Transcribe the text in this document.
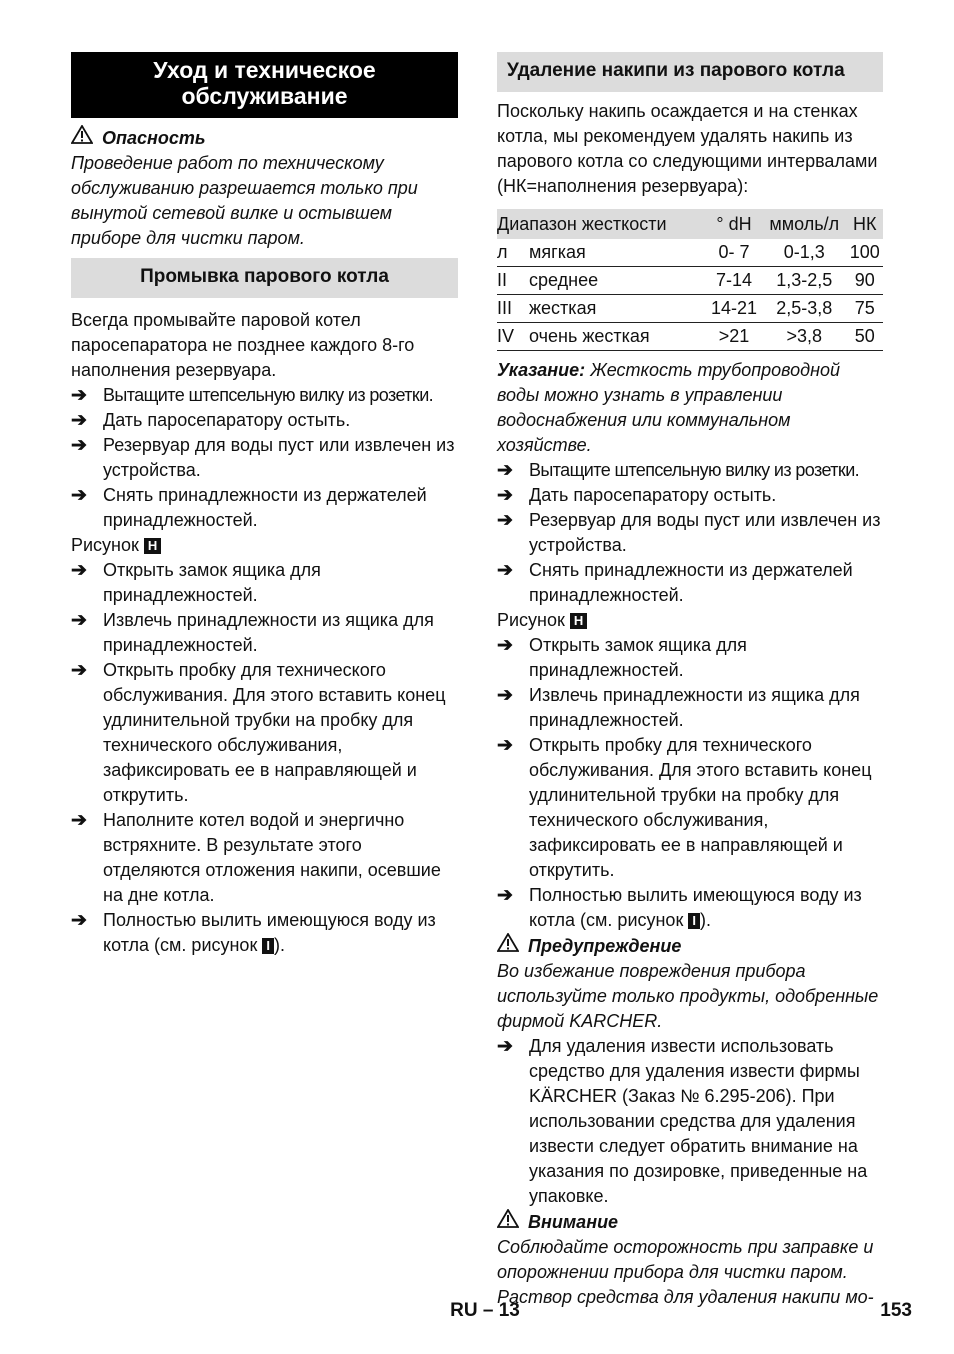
Уход и техническое обслуживание
Опасность

Проведение работ по техническому обслуживанию разрешается только при вынутой сетевой вилке и остывшем приборе для чистки паром.

Промывка парового котла

Всегда промывайте паровой котел паросепаратора не позднее каждого 8-го наполнения резервуара.

➔ Вытащите штепсельную вилку из розетки.
➔ Дать паросепаратору остыть.
➔ Резервуар для воды пуст или извлечен из устройства.
➔ Снять принадлежности из держателей принадлежностей.

Рисунок H

➔ Открыть замок ящика для принадлежностей.
➔ Извлечь принадлежности из ящика для принадлежностей.
➔ Открыть пробку для технического обслуживания. Для этого вставить конец удлинительной трубки на пробку для технического обслуживания, зафиксировать ее в направляющей и открутить.
➔ Наполните котел водой и энергично встряхните. В результате этого отделяются отложения накипи, осевшие на дне котла.
➔ Полностью вылить имеющуюся воду из котла (см. рисунок I ).
Удаление накипи из парового котла

Поскольку накипь осаждается и на стенках котла, мы рекомендуем удалять накипь из парового котла со следующими интервалами (НК=наполнения резервуара):

Диапазон жесткости		° dH	ммоль/л	НК
л	мягкая	0- 7	0-1,3	100
II	среднее	7-14	1,3-2,5	90
III	жесткая	14-21	2,5-3,8	75
IV	очень жесткая	>21	>3,8	50

Указание: Жесткость трубопроводной воды можно узнать в управлении водоснабжения или коммунальном хозяйстве.

➔ Вытащите штепсельную вилку из розетки.
➔ Дать паросепаратору остыть.
➔ Резервуар для воды пуст или извлечен из устройства.
➔ Снять принадлежности из держателей принадлежностей.

Рисунок H

➔ Открыть замок ящика для принадлежностей.
➔ Извлечь принадлежности из ящика для принадлежностей.
➔ Открыть пробку для технического обслуживания. Для этого вставить конец удлинительной трубки на пробку для технического обслуживания, зафиксировать ее в направляющей и открутить.
➔ Полностью вылить имеющуюся воду из котла (см. рисунок I ).
Предупреждение

Во избежание повреждения прибора используйте только продукты, одобренные фирмой KARCHER.

➔ Для удаления извести использовать средство для удаления извести фирмы KÄRCHER (Заказ № 6.295-206). При использовании средства для удаления извести следует обратить внимание на указания по дозировке, приведенные на упаковке.
Внимание

Соблюдайте осторожность при заправке и опорожнении прибора для чистки паром. Раствор средства для удаления накипи мо-

RU – 13	153
